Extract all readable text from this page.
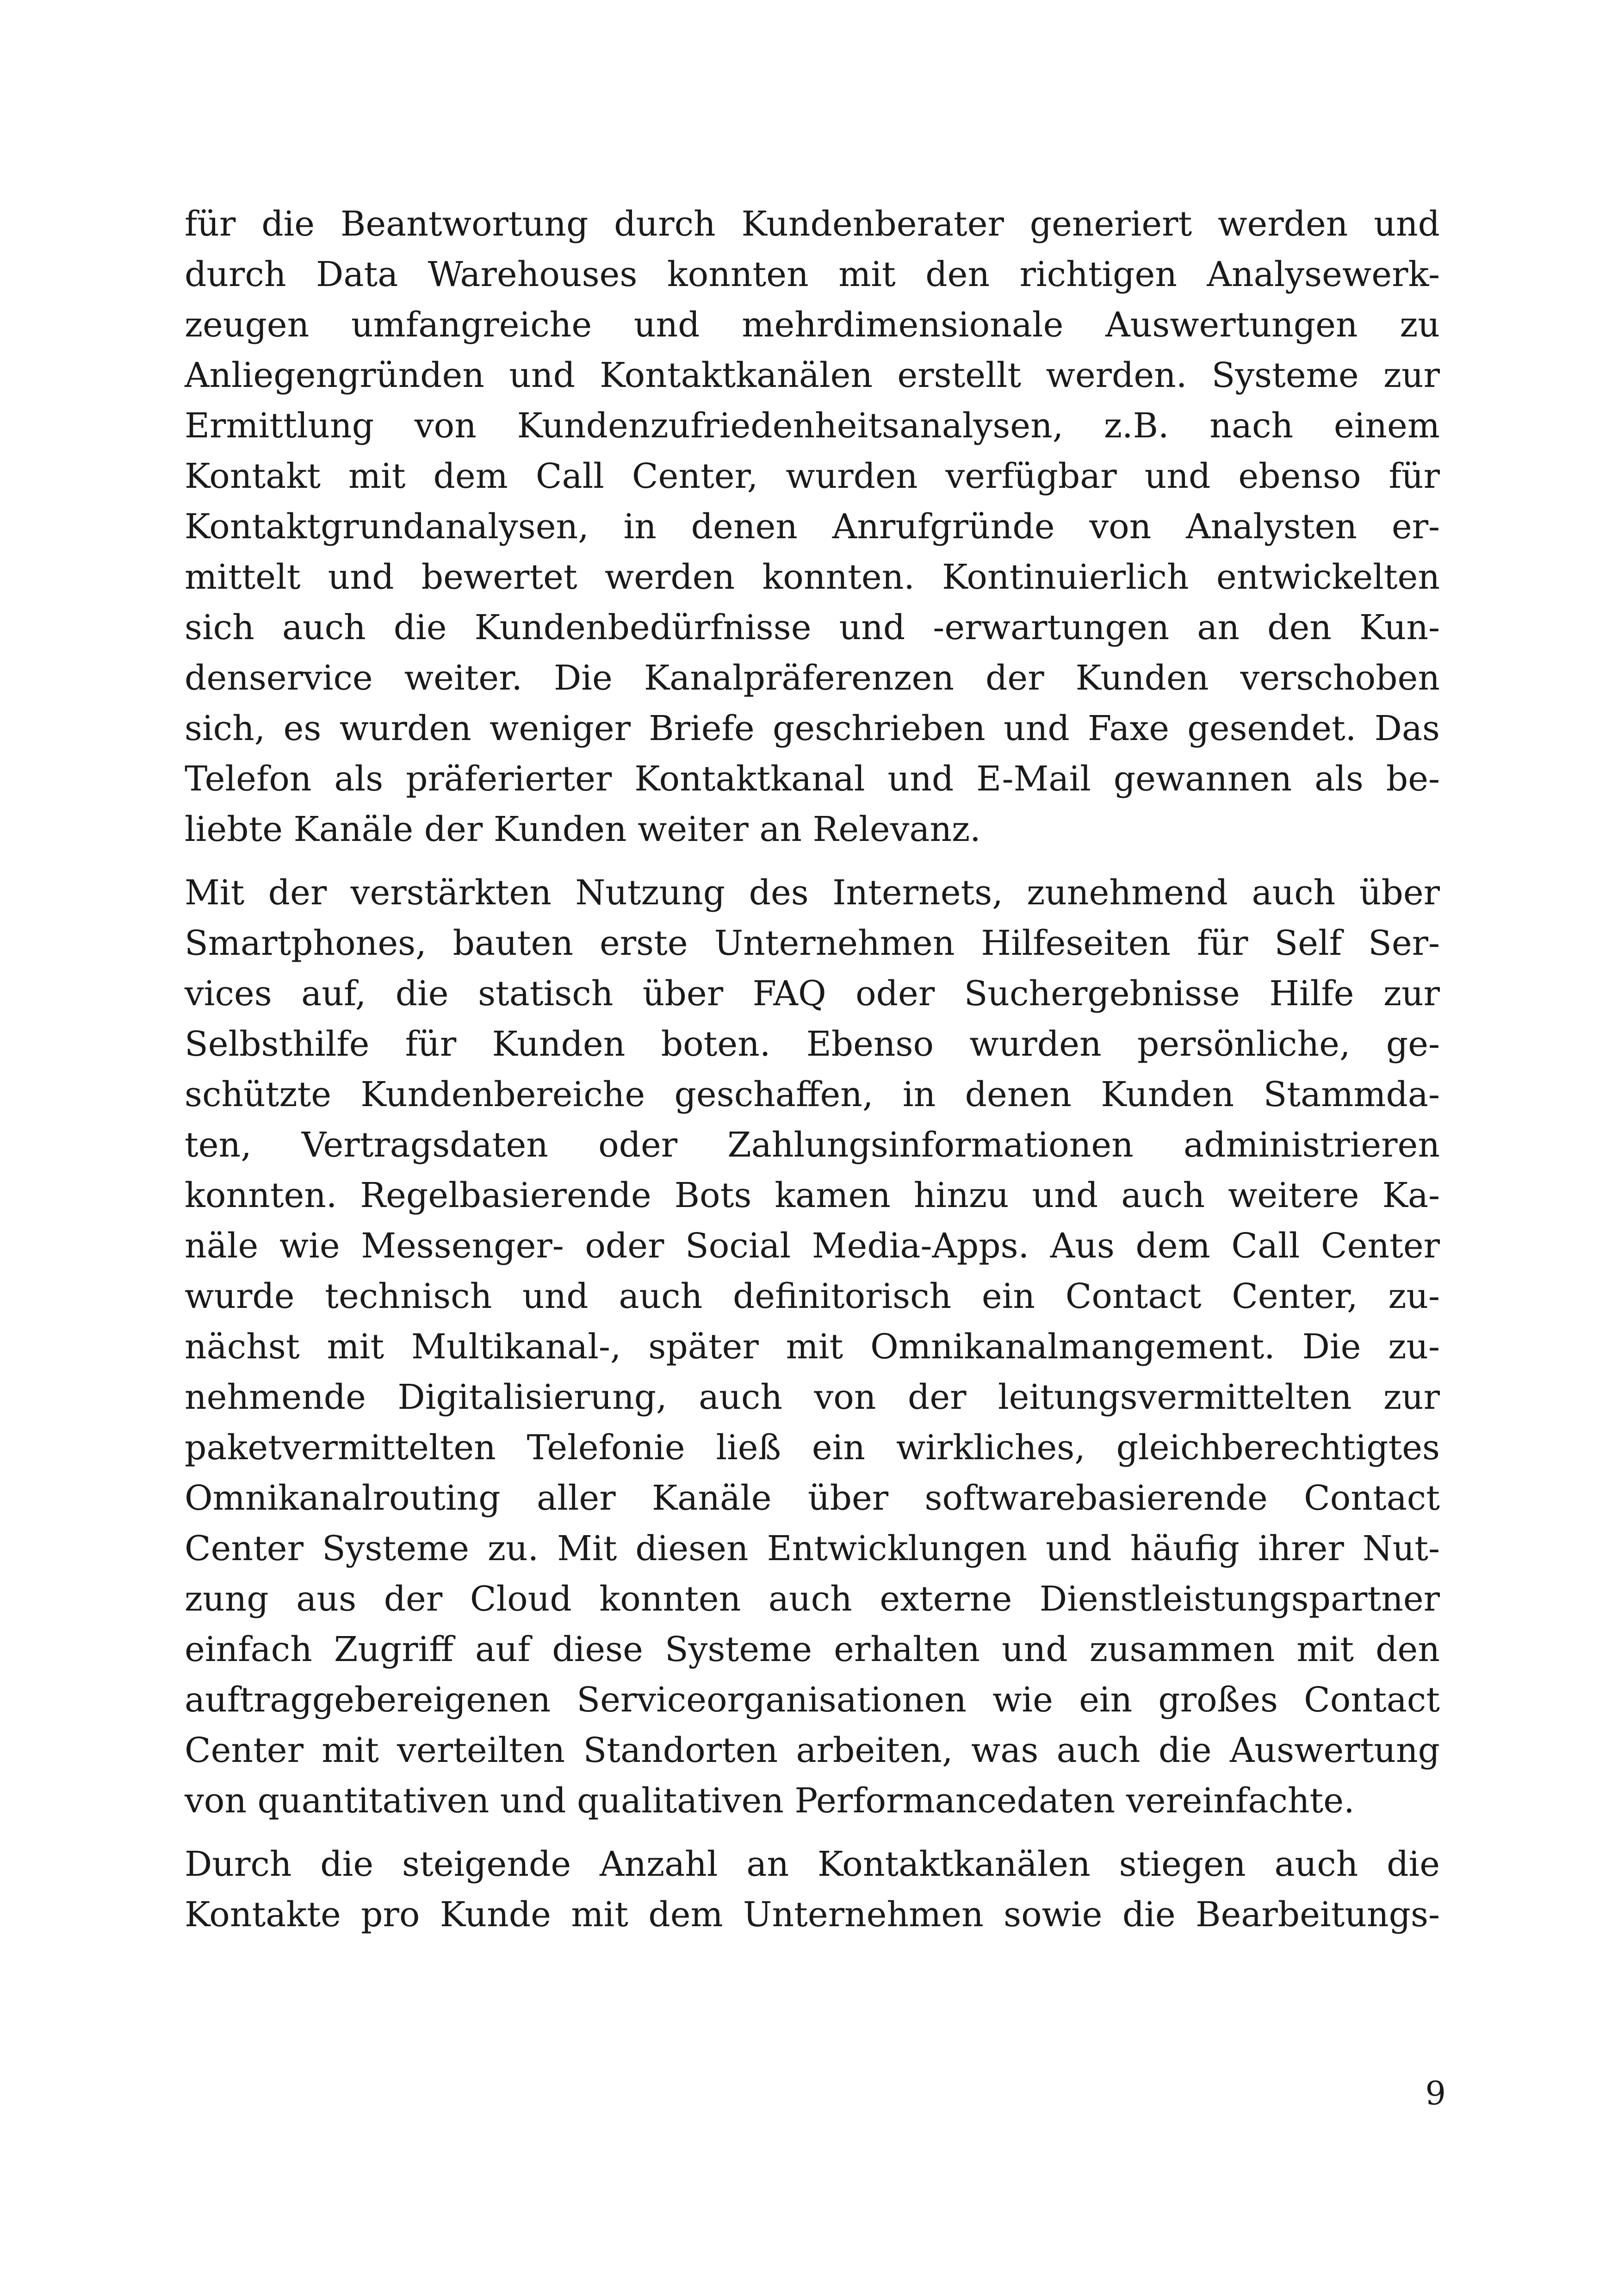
für die Beantwortung durch Kundenberater generiert werden und
durch Data Warehouses konnten mit den richtigen Analysewerk-
zeugen umfangreiche und mehrdimensionale Auswertungen zu
Anliegengründen und Kontaktkanälen erstellt werden. Systeme zur
Ermittlung von Kundenzufriedenheitsanalysen, z.B. nach einem
Kontakt mit dem Call Center, wurden verfügbar und ebenso für
Kontaktgrundanalysen, in denen Anrufgründe von Analysten er-
mittelt und bewertet werden konnten. Kontinuierlich entwickelten
sich auch die Kundenbedürfnisse und -erwartungen an den Kun-
denservice weiter. Die Kanalpräferenzen der Kunden verschoben
sich, es wurden weniger Briefe geschrieben und Faxe gesendet. Das
Telefon als präferierter Kontaktkanal und E-Mail gewannen als be-
liebte Kanäle der Kunden weiter an Relevanz.
Mit der verstärkten Nutzung des Internets, zunehmend auch über
Smartphones, bauten erste Unternehmen Hilfeseiten für Self Ser-
vices auf, die statisch über FAQ oder Suchergebnisse Hilfe zur
Selbsthilfe für Kunden boten. Ebenso wurden persönliche, ge-
schützte Kundenbereiche geschaffen, in denen Kunden Stammda-
ten, Vertragsdaten oder Zahlungsinformationen administrieren
konnten. Regelbasierende Bots kamen hinzu und auch weitere Ka-
näle wie Messenger- oder Social Media-Apps. Aus dem Call Center
wurde technisch und auch definitorisch ein Contact Center, zu-
nächst mit Multikanal-, später mit Omnikanalmangement. Die zu-
nehmende Digitalisierung, auch von der leitungsvermittelten zur
paketvermittelten Telefonie ließ ein wirkliches, gleichberechtigtes
Omnikanalrouting aller Kanäle über softwarebasierende Contact
Center Systeme zu. Mit diesen Entwicklungen und häufig ihrer Nut-
zung aus der Cloud konnten auch externe Dienstleistungspartner
einfach Zugriff auf diese Systeme erhalten und zusammen mit den
auftraggebereigenen Serviceorganisationen wie ein großes Contact
Center mit verteilten Standorten arbeiten, was auch die Auswertung
von quantitativen und qualitativen Performancedaten vereinfachte.
Durch die steigende Anzahl an Kontaktkanälen stiegen auch die
Kontakte pro Kunde mit dem Unternehmen sowie die Bearbeitungs-
9
